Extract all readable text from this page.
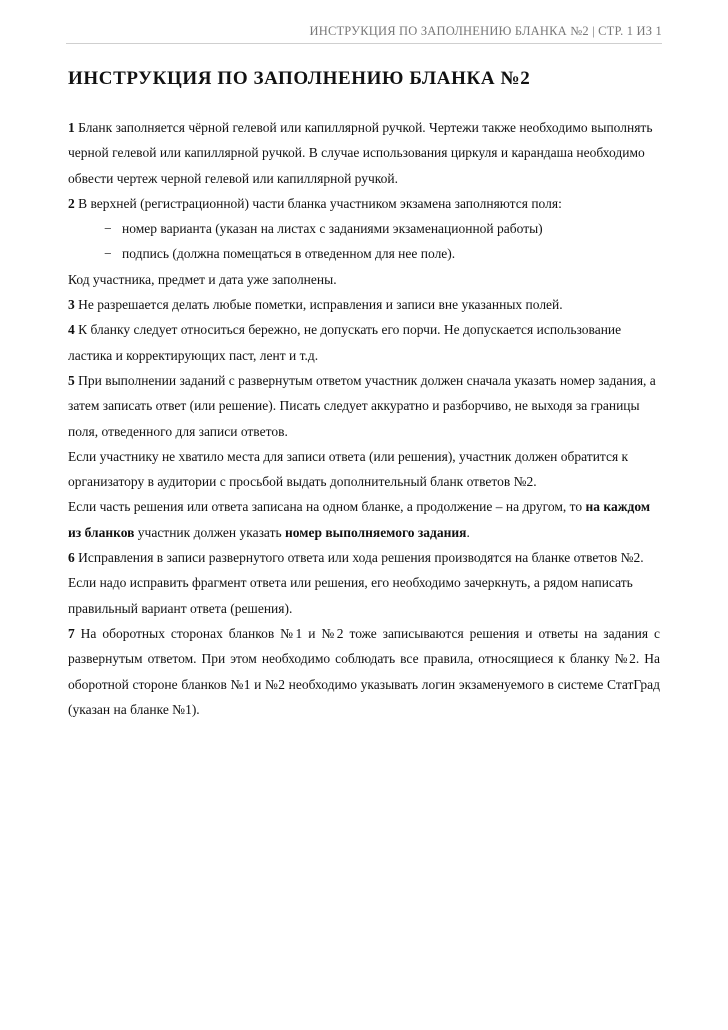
ИНСТРУКЦИЯ ПО ЗАПОЛНЕНИЮ БЛАНКА №2 | СТР. 1 ИЗ 1
ИНСТРУКЦИЯ ПО ЗАПОЛНЕНИЮ БЛАНКА №2

1 Бланк заполняется чёрной гелевой или капиллярной ручкой. Чертежи также необходимо выполнять черной гелевой или капиллярной ручкой. В случае использования циркуля и карандаша необходимо обвести чертеж черной гелевой или капиллярной ручкой.

2 В верхней (регистрационной) части бланка участником экзамена заполняются поля:

− номер варианта (указан на листах с заданиями экзаменационной работы)

− подпись (должна помещаться в отведенном для нее поле).

Код участника, предмет и дата уже заполнены.

3 Не разрешается делать любые пометки, исправления и записи вне указанных полей.

4 К бланку следует относиться бережно, не допускать его порчи. Не допускается использование ластика и корректирующих паст, лент и т.д.

5 При выполнении заданий с развернутым ответом участник должен сначала указать номер задания, а затем записать ответ (или решение). Писать следует аккуратно и разборчиво, не выходя за границы поля, отведенного для записи ответов.

Если участнику не хватило места для записи ответа (или решения), участник должен обратится к организатору в аудитории с просьбой выдать дополнительный бланк ответов №2.

Если часть решения или ответа записана на одном бланке, а продолжение – на другом, то на каждом из бланков участник должен указать номер выполняемого задания.

6 Исправления в записи развернутого ответа или хода решения производятся на бланке ответов №2. Если надо исправить фрагмент ответа или решения, его необходимо зачеркнуть, а рядом написать правильный вариант ответа (решения).

7 На оборотных сторонах бланков №1 и №2 тоже записываются решения и ответы на задания с развернутым ответом. При этом необходимо соблюдать все правила, относящиеся к бланку №2. На оборотной стороне бланков №1 и №2 необходимо указывать логин экзаменуемого в системе СтатГрад (указан на бланке №1).
